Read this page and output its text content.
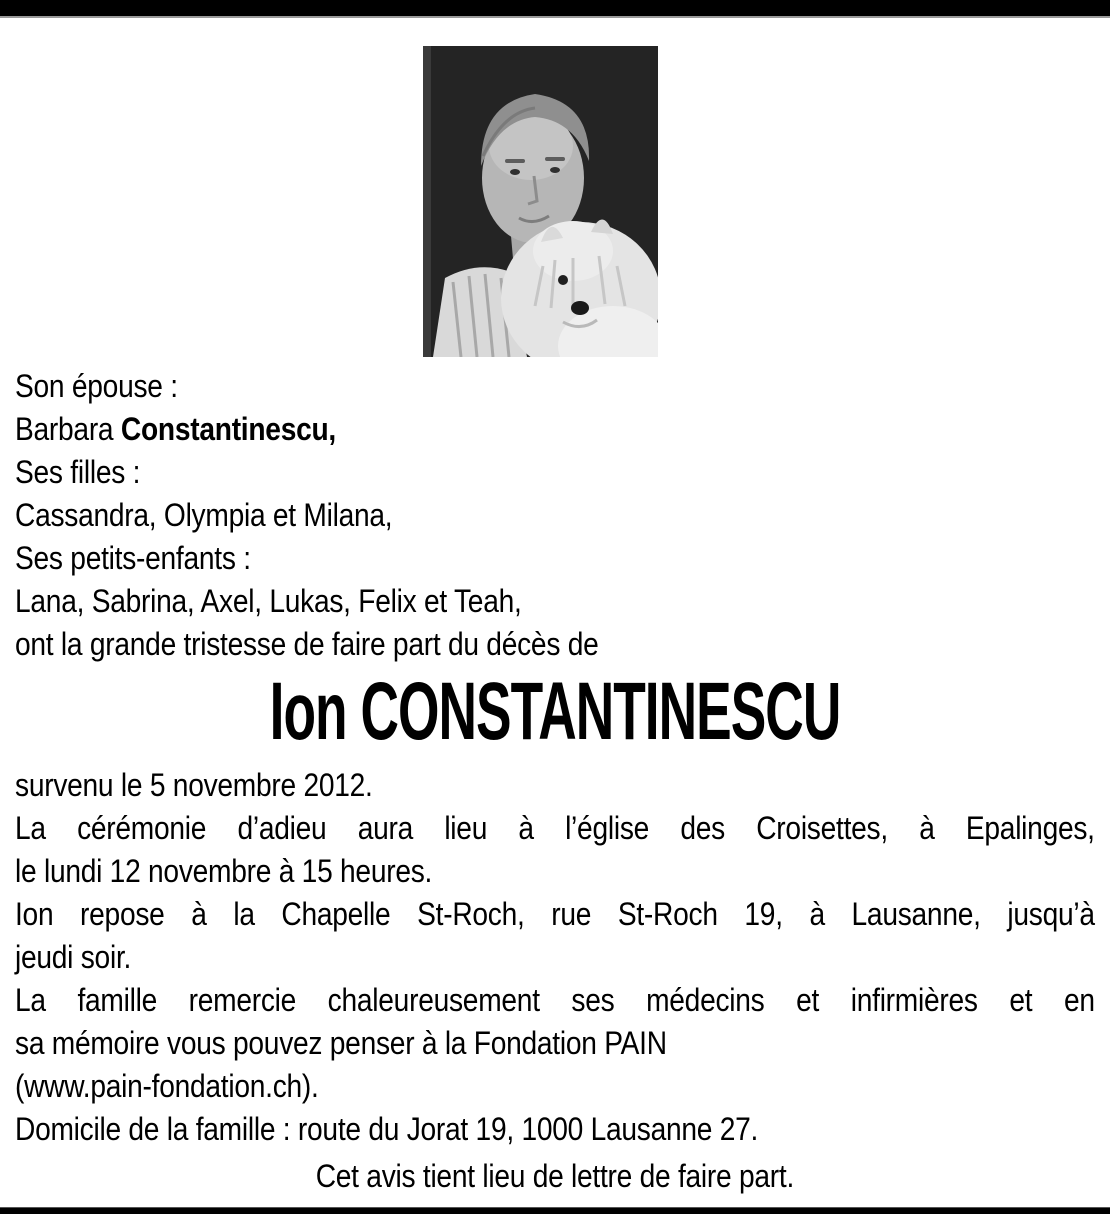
Son épouse :
Barbara Constantinescu,
Ses filles :
Cassandra, Olympia et Milana,
Ses petits-enfants :
Lana, Sabrina, Axel, Lukas, Felix et Teah,
ont la grande tristesse de faire part du décès de
Ion CONSTANTINESCU
survenu le 5 novembre 2012.
La cérémonie d’adieu aura lieu à l’église des Croisettes, à Epalinges,
le lundi 12 novembre à 15 heures.
Ion repose à la Chapelle St-Roch, rue St-Roch 19, à Lausanne, jusqu’à
jeudi soir.
La famille remercie chaleureusement ses médecins et infirmières et en
sa mémoire vous pouvez penser à la Fondation PAIN
(www.pain-fondation.ch).
Domicile de la famille : route du Jorat 19, 1000 Lausanne 27.
Cet avis tient lieu de lettre de faire part.
